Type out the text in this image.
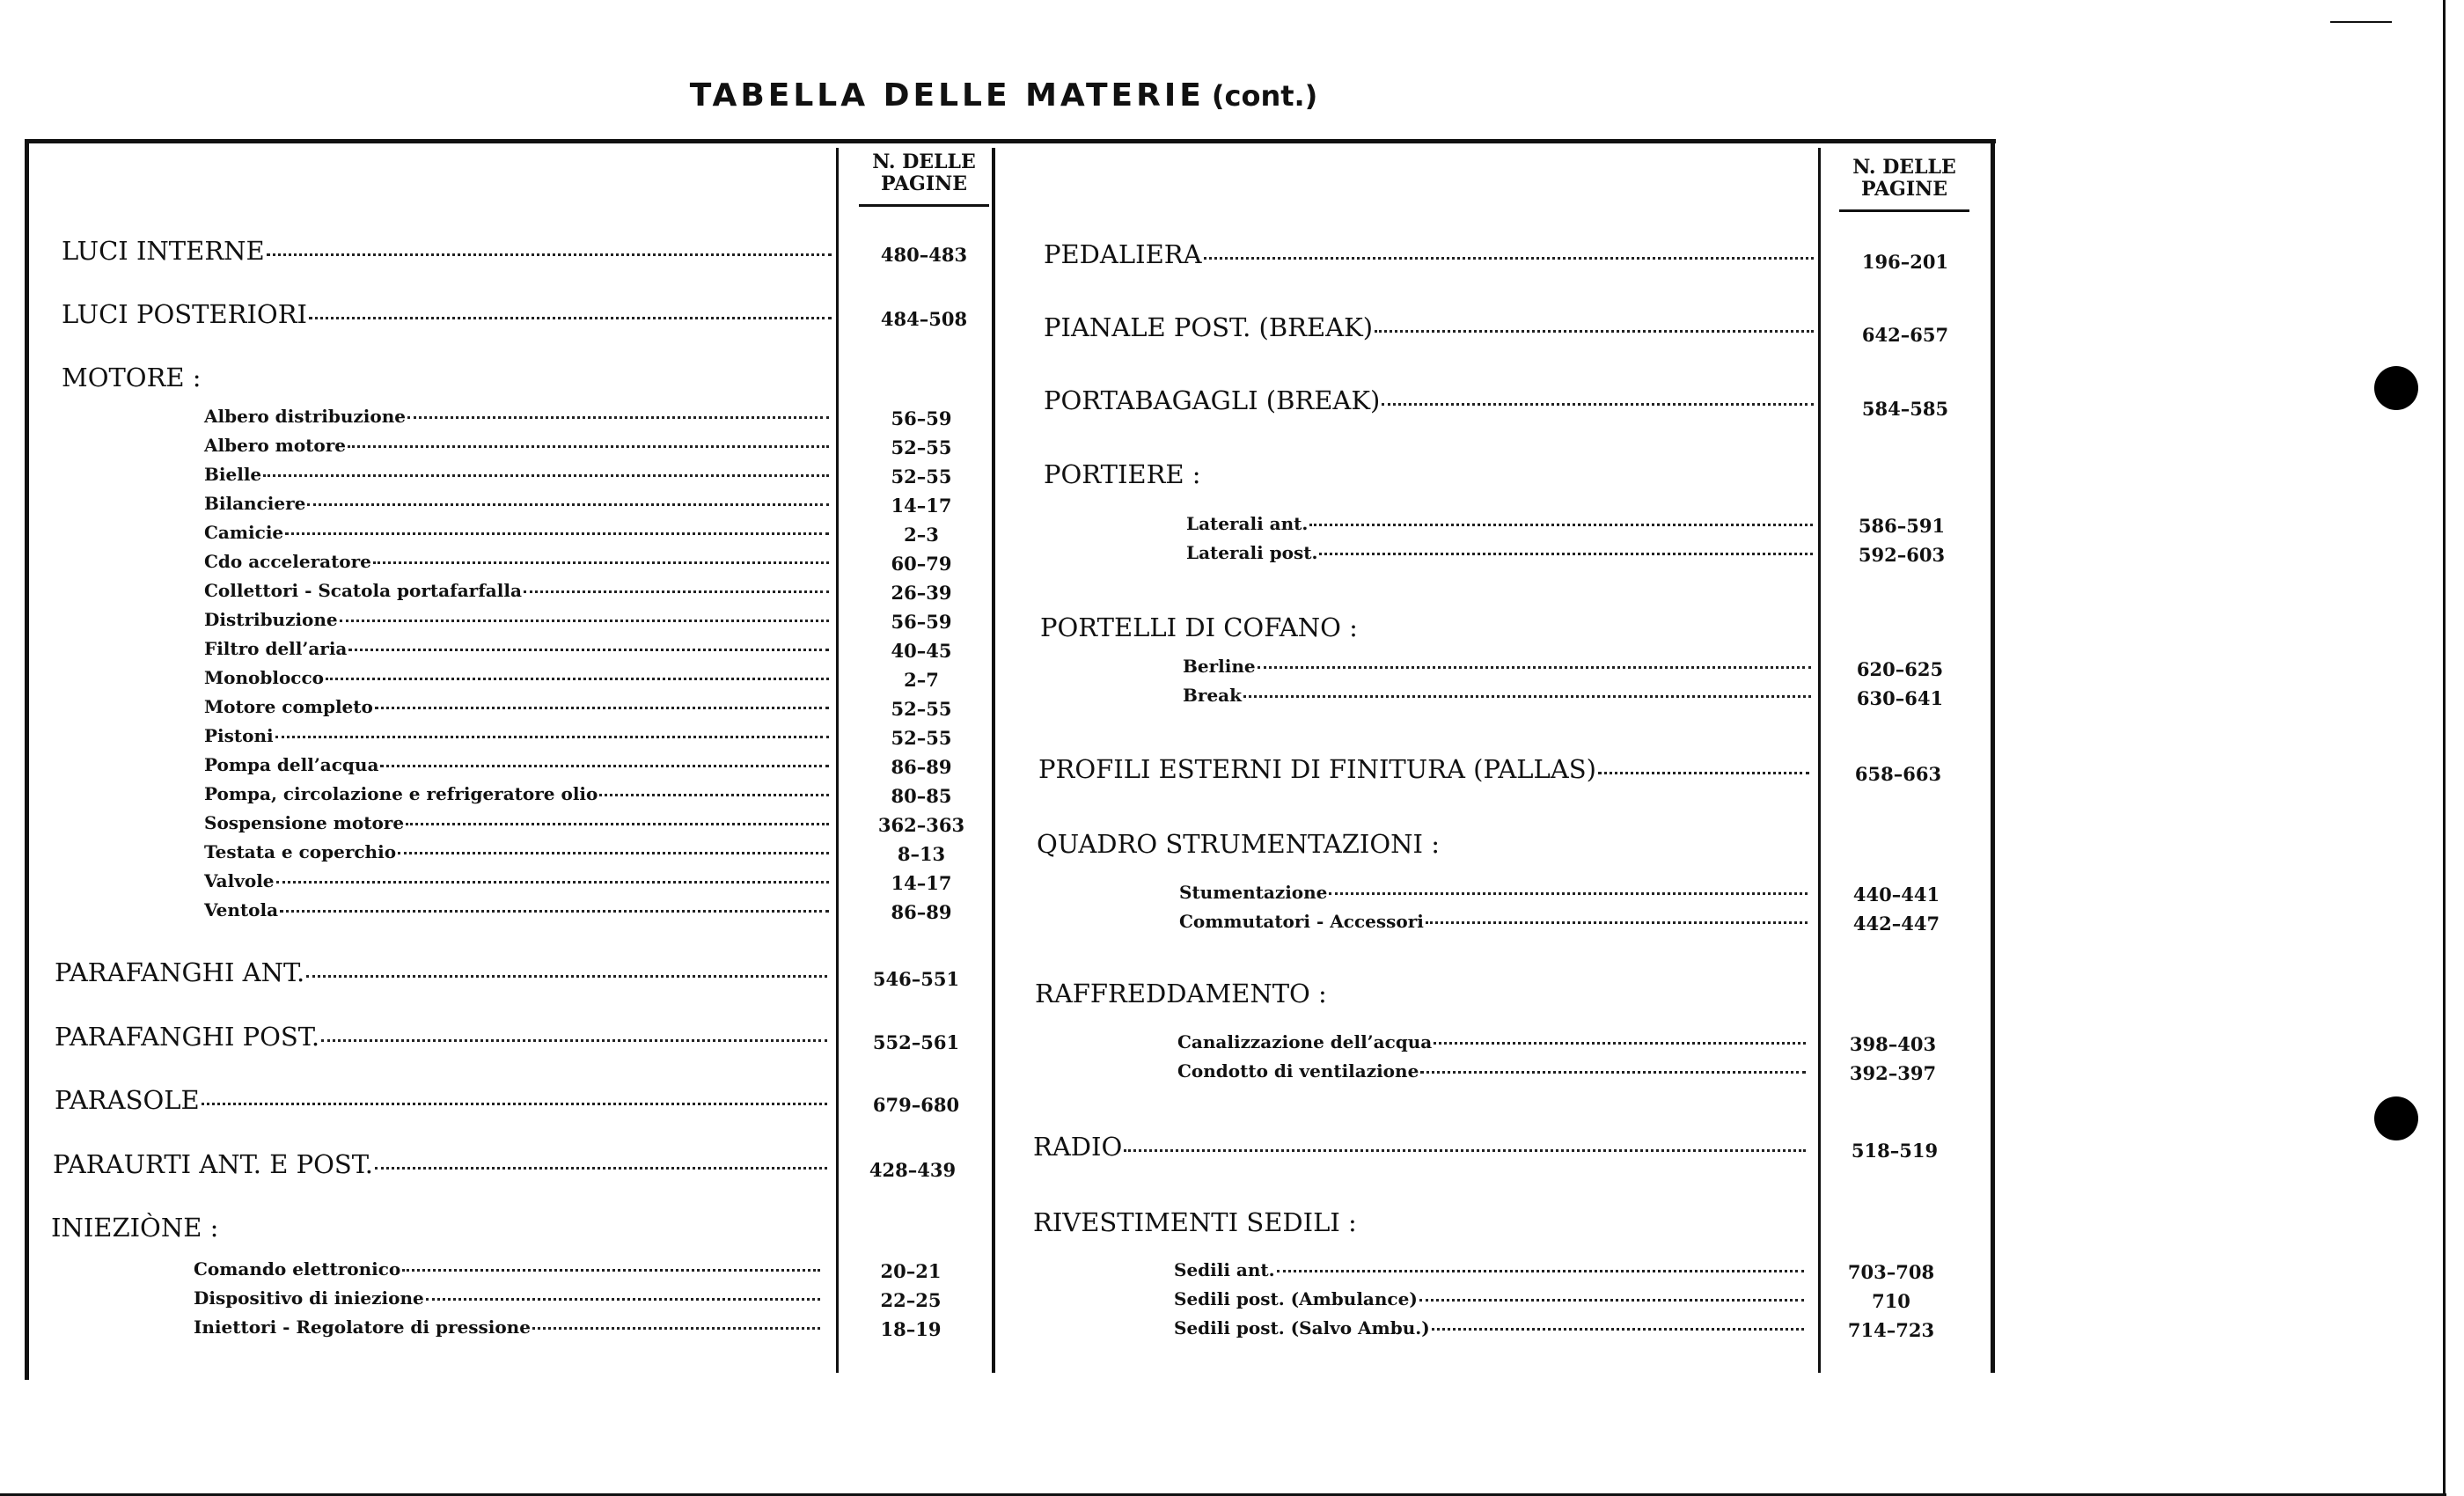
TABELLA DELLE MATERIE (cont.)
N. DELLE
PAGINE
N. DELLE
PAGINE
LUCI INTERNE	480–483
LUCI POSTERIORI	484–508
MOTORE :
Albero distribuzione	56–59
Albero motore	52–55
Bielle	52–55
Bilanciere	14–17
Camicie	2–3
Cdo acceleratore	60–79
Collettori - Scatola portafarfalla	26–39
Distribuzione	56–59
Filtro dell’aria	40–45
Monoblocco	2–7
Motore completo	52–55
Pistoni	52–55
Pompa dell’acqua	86–89
Pompa, circolazione e refrigeratore olio	80–85
Sospensione motore	362–363
Testata e coperchio	8–13
Valvole	14–17
Ventola	86–89
PARAFANGHI ANT.	546–551
PARAFANGHI POST.	552–561
PARASOLE	679–680
PARAURTI ANT. E POST.	428–439
INIEZIÒNE :
Comando elettronico	20–21
Dispositivo di iniezione	22–25
Iniettori - Regolatore di pressione	18–19
PEDALIERA	196–201
PIANALE POST. (BREAK)	642–657
PORTABAGAGLI (BREAK)	584–585
PORTIERE :
Laterali ant.	586–591
Laterali post.	592–603
PORTELLI DI COFANO :
Berline	620–625
Break	630–641
PROFILI ESTERNI DI FINITURA (PALLAS)	658–663
QUADRO STRUMENTAZIONI :
Stumentazione	440–441
Commutatori - Accessori	442–447
RAFFREDDAMENTO :
Canalizzazione dell’acqua	398–403
Condotto di ventilazione	392–397
RADIO	518–519
RIVESTIMENTI SEDILI :
Sedili ant.	703–708
Sedili post. (Ambulance)	710
Sedili post. (Salvo Ambu.)	714–723
